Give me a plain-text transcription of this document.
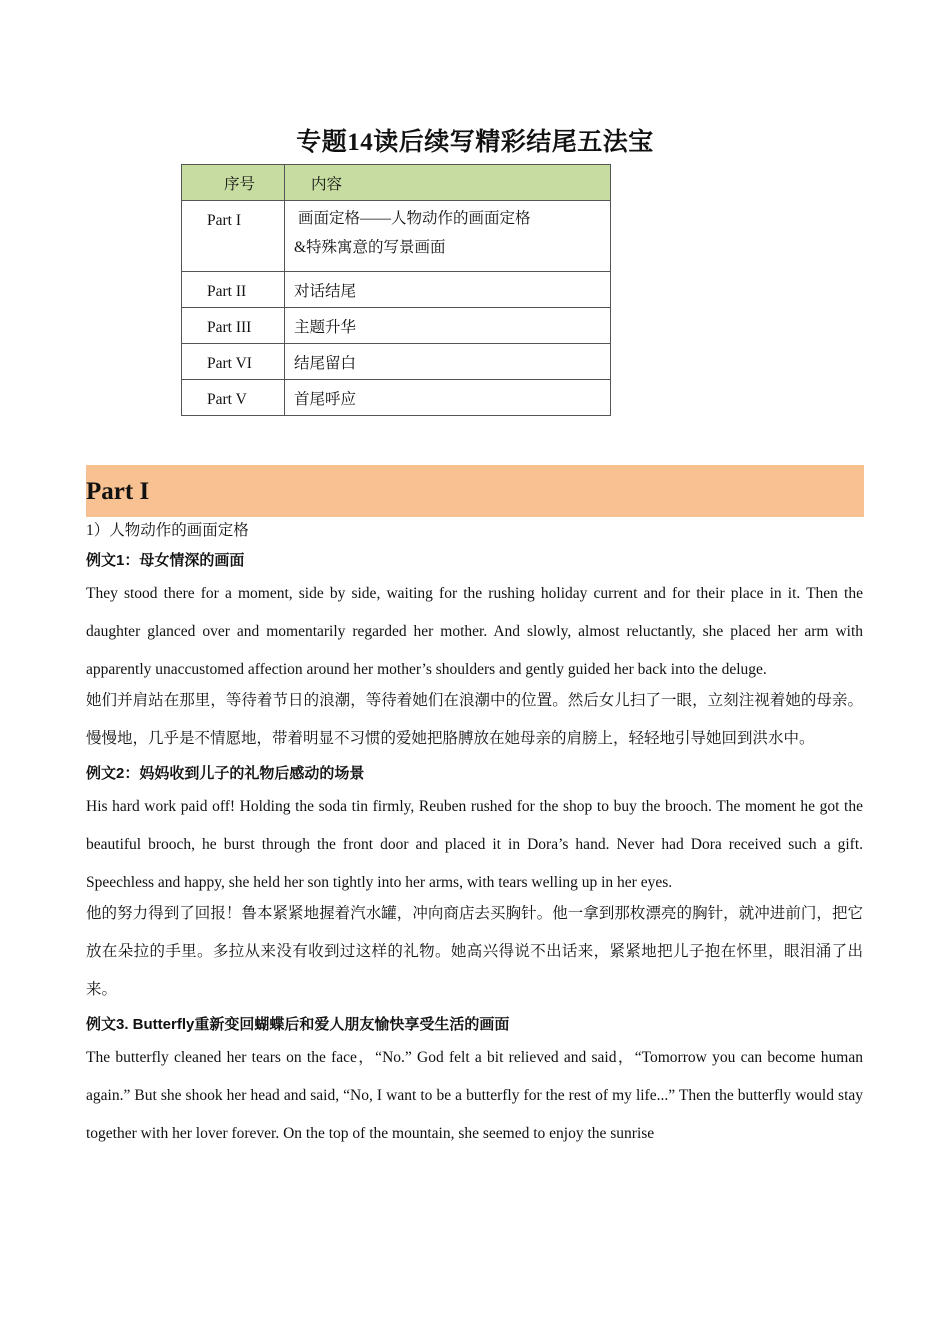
专题14读后续写精彩结尾五法宝
序号	内容

Part I	画面定格——人物动作的画面定格
&特殊寓意的写景画面

Part II	对话结尾

Part III	主题升华

Part VI	结尾留白

Part V	首尾呼应
Part I

1）人物动作的画面定格

例文1：母女情深的画面

They stood there for a moment, side by side, waiting for the rushing holiday current and for their place in it. Then the daughter glanced over and momentarily regarded her mother. And slowly, almost reluctantly, she placed her arm with apparently unaccustomed affection around her mother’s shoulders and gently guided her back into the deluge.

她们并肩站在那里，等待着节日的浪潮，等待着她们在浪潮中的位置。然后女儿扫了一眼，立刻注视着她的母亲。慢慢地，几乎是不情愿地，带着明显不习惯的爱她把胳膊放在她母亲的肩膀上，轻轻地引导她回到洪水中。

例文2：妈妈收到儿子的礼物后感动的场景

His hard work paid off! Holding the soda tin firmly, Reuben rushed for the shop to buy the brooch. The moment he got the beautiful brooch, he burst through the front door and placed it in Dora’s hand. Never had Dora received such a gift. Speechless and happy, she held her son tightly into her arms, with tears welling up in her eyes.

他的努力得到了回报！鲁本紧紧地握着汽水罐，冲向商店去买胸针。他一拿到那枚漂亮的胸针，就冲进前门，把它放在朵拉的手里。多拉从来没有收到过这样的礼物。她高兴得说不出话来，紧紧地把儿子抱在怀里，眼泪涌了出来。

例文3. Butterfly重新变回蝴蝶后和爱人朋友愉快享受生活的画面

The butterfly cleaned her tears on the face，“No.” God felt a bit relieved and said，“Tomorrow you can become human again.” But she shook her head and said, “No, I want to be a butterfly for the rest of my life...” Then the butterfly would stay together with her lover forever. On the top of the mountain, she seemed to enjoy the sunrise
